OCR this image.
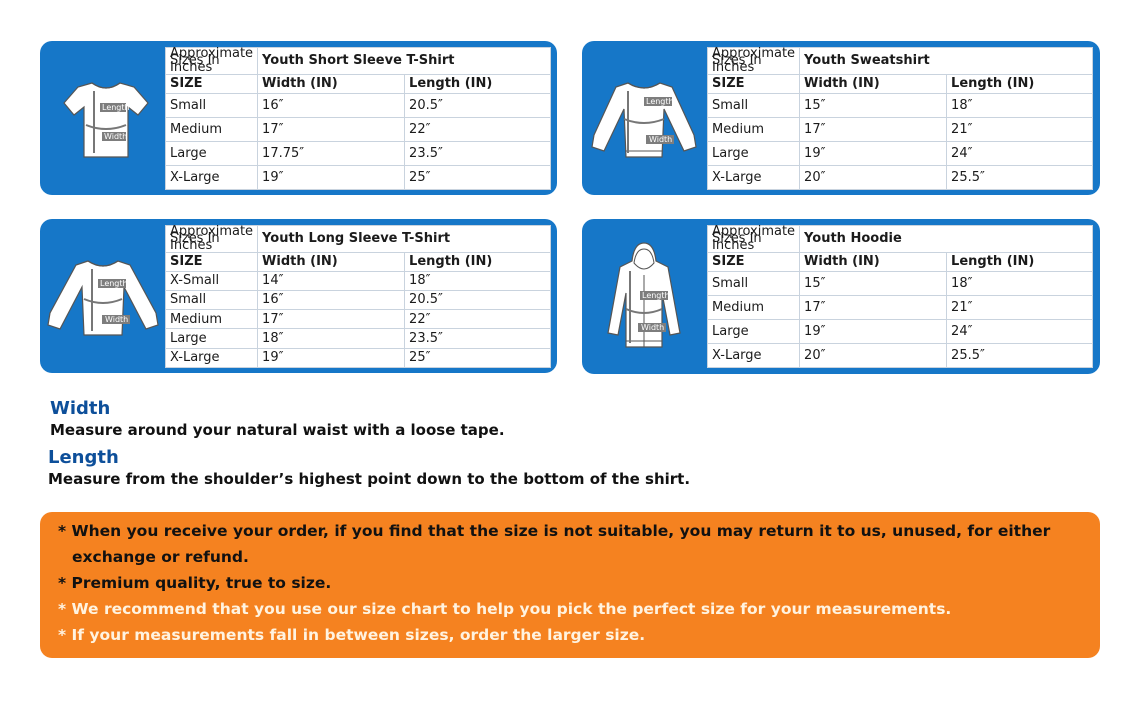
Length
Width
Approximate Sizes In Inches	Youth Short Sleeve T-Shirt	
SIZE	Width (IN)	Length (IN)
Small	16″	20.5″
Medium	17″	22″
Large	17.75″	23.5″
X-Large	19″	25″
Length
Width
Approximate Sizes In Inches	Youth Sweatshirt	
SIZE	Width (IN)	Length (IN)
Small	15″	18″
Medium	17″	21″
Large	19″	24″
X-Large	20″	25.5″
Length
Width
Approximate Sizes In Inches	Youth Long Sleeve T-Shirt	
SIZE	Width (IN)	Length (IN)
X-Small	14″	18″
Small	16″	20.5″
Medium	17″	22″
Large	18″	23.5″
X-Large	19″	25″
Length
Width
Approximate Sizes In Inches	Youth Hoodie	
SIZE	Width (IN)	Length (IN)
Small	15″	18″
Medium	17″	21″
Large	19″	24″
X-Large	20″	25.5″
Width
Measure around your natural waist with a loose tape.
Length
Measure from the shoulder’s highest point down to the bottom of the shirt.
* When you receive your order, if you find that the size is not suitable, you may return it to us, unused, for either exchange or refund.
* Premium quality, true to size.
* We recommend that you use our size chart to help you pick the perfect size for your measurements.
* If your measurements fall in between sizes, order the larger size.
